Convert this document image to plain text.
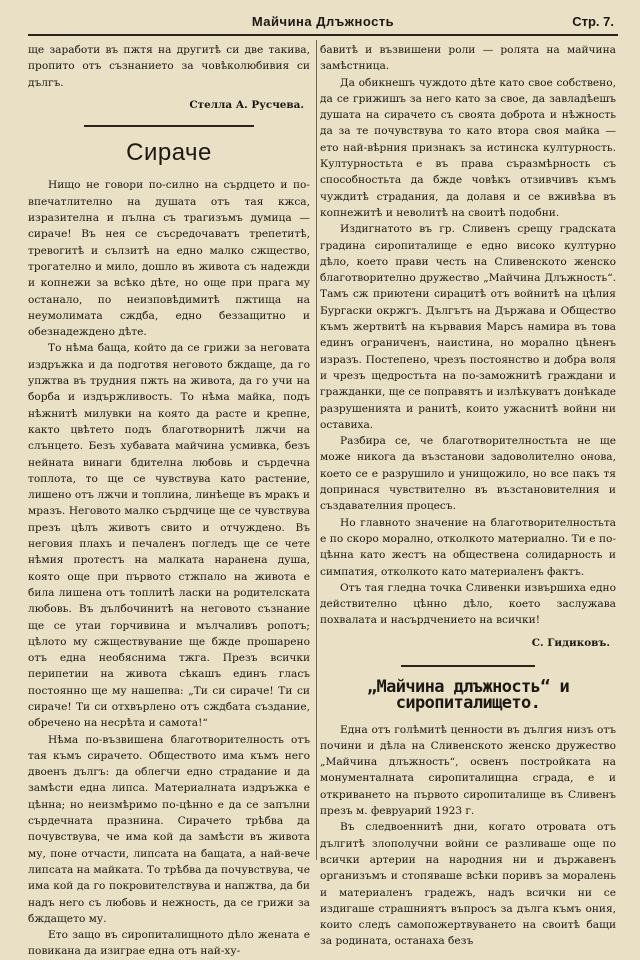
Майчина Длъжность	Стр. 7.

ще заработи въ пжтя на другитѣ си две такива, пропито отъ съзнанието за човѣколюбивия си дългъ.

Стелла А. Русчева.
Сираче

Нищо не говори по-силно на сърдцето и по-впечатлително на душата отъ тая кжса, изразителна и пълна съ трагизъмъ думица — сираче! Въ нея се съсредочаватъ трепетитѣ, тревогитѣ и сълзитѣ на едно малко сжщество, трогателно и мило, дошло въ живота съ надежди и копнежи за всѣко дѣте, но още при прага му останало, по неизповѣдимитѣ пжтища на неумолимата сждба, едно беззащитно и обезнадеждено дѣте.

То нѣма баща, който да се грижи за неговата издръжка и да подготвя неговото бждаще, да го упжтва въ трудния пжть на живота, да го учи на борба и издържливость. То нѣма майка, подъ нѣжнитѣ милувки на която да расте и крепне, както цвѣтето подъ благотворнитѣ лжчи на слънцето. Безъ хубавата майчина усмивка, безъ нейната винаги бдителна любовь и сърдечна топлота, то ще се чувствува като растение, лишено отъ лжчи и топлина, линѣеще въ мракъ и мразъ. Неговото малко сърдчице ще се чувствува презъ цѣлъ животъ свито и отчуждено. Въ неговия плахъ и печаленъ погледъ ще се чете нѣмия протестъ на малката наранена душа, която още при първото стжпало на живота е била лишена отъ топлитѣ ласки на родителската любовь. Въ дълбочинитѣ на неговото съзнание ще се утаи горчивина и мълчаливъ ропотъ; цѣлото му сжществувание ще бжде прошарено отъ една необяснима тжга. Презъ всички перипетии на живота сѣкашъ единъ гласъ постоянно ще му нашепва: „Ти си сираче! Ти си сираче! Ти си отхвърлено отъ сждбата създание, обречено на несрѣта и самота!“

Нѣма по-възвишена благотворителность отъ тая къмъ сирачето. Обществото има къмъ него двоенъ дългъ: да облегчи едно страдание и да замѣсти една липса. Материалната издръжка е цѣнна; но неизмѣримо по-цѣнно е да се запълни сърдечната празнина. Сирачето трѣбва да почувствува, че има кой да замѣсти въ живота му, поне отчасти, липсата на бащата, а най-вече липсата на майката. То трѣбва да почувствува, че има кой да го покровителствува и напжтва, да би надъ него съ любовь и нежность, да се грижи за бждащето му.

Ето защо въ сиропиталищното дѣло жената е повикана да изиграе една отъ най-ху-

бавитѣ и възвишени роли — ролята на майчина замѣстница.

Да обикнешъ чуждото дѣте като свое собствено, да се грижишъ за него като за свое, да завладѣешъ душата на сирачето съ своята доброта и нѣжность да за те почувствува то като втора своя майка — ето най-вѣрния признакъ за истинска културность. Културностьта е въ права съразмѣрность съ способностьта да бжде човѣкъ отзивчивъ къмъ чуждитѣ страдания, да долавя и се вживѣва въ копнежитѣ и неволитѣ на своитѣ подобни.

Издигнатото въ гр. Сливенъ срещу градската градина сиропиталище е едно високо културно дѣло, което прави честь на Сливенското женско благотворително дружество „Майчина Длъжность“. Тамъ сж приютени сирацитѣ отъ войнитѣ на цѣлия Бургаски окржгъ. Дългътъ на Държава и Общество къмъ жертвитѣ на кървавия Марсъ намира въ това единъ ограниченъ, наистина, но морално цѣненъ изразъ. Постепено, чрезъ постоянство и добра воля и чрезъ щедростьта на по-заможнитѣ граждани и гражданки, ще се поправятъ и излѣкуватъ донѣкаде разрушенията и ранитѣ, които ужаснитѣ войни ни оставиха.

Разбира се, че благотворителностьта не ще може никога да възстанови задоволително онова, което се е разрушило и унищожило, но все пакъ тя допринася чувствително въ възстановителния и създавателния процесъ.

Но главното значение на благотворителностьта е по скоро морално, отколкото материално. Ти е по-цѣнна като жестъ на обществена солидарность и симпатия, отколкото като материаленъ фактъ.

Отъ тая гледна точка Сливенки извършиха едно действително цѣнно дѣло, което заслужава похвалата и насърдчението на всички!

С. Гидиковъ.
„Майчина длъжность“ и сиропиталището.

Една отъ голѣмитѣ ценности въ дългия низъ отъ почини и дѣла на Сливенското женско дружество „Майчина длъжность“, освенъ постройката на монументалната сиропиталищна сграда, е и откриването на първото сиропиталище въ Сливенъ презъ м. февруарий 1923 г.

Въ следвоеннитѣ дни, когато отровата отъ дългитѣ злополучни войни се разливаше още по всички артерии на народния ни и държавенъ организъмъ и стопяваше всѣки поривъ за моралень и материаленъ градежъ, надъ всички ни се издигаше страшниятъ въпросъ за дълга къмъ ония, които следъ самопожертвуването на своитѣ бащи за родината, останаха безъ
